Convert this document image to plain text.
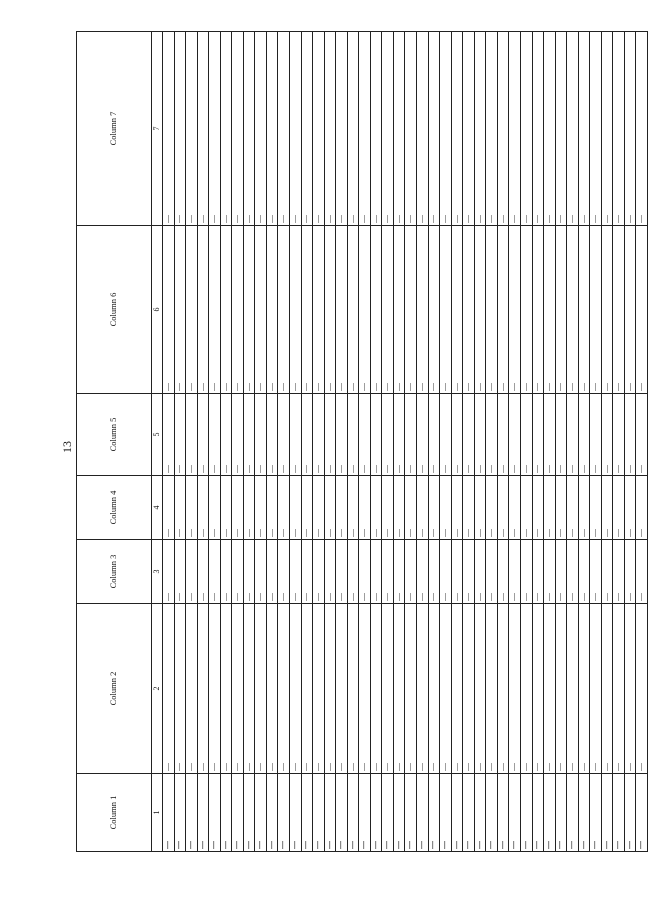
13
Column 1	Column 2	Column 3	Column 4	Column 5	Column 6	Column 7
1	2	3	4	5	6	7
—	—	—	—	—	—	—
—	—	—	—	—	—	—
—	—	—	—	—	—	—
—	—	—	—	—	—	—
—	—	—	—	—	—	—
—	—	—	—	—	—	—
—	—	—	—	—	—	—
—	—	—	—	—	—	—
—	—	—	—	—	—	—
—	—	—	—	—	—	—
—	—	—	—	—	—	—
—	—	—	—	—	—	—
—	—	—	—	—	—	—
—	—	—	—	—	—	—
—	—	—	—	—	—	—
—	—	—	—	—	—	—
—	—	—	—	—	—	—
—	—	—	—	—	—	—
—	—	—	—	—	—	—
—	—	—	—	—	—	—
—	—	—	—	—	—	—
—	—	—	—	—	—	—
—	—	—	—	—	—	—
—	—	—	—	—	—	—
—	—	—	—	—	—	—
—	—	—	—	—	—	—
—	—	—	—	—	—	—
—	—	—	—	—	—	—
—	—	—	—	—	—	—
—	—	—	—	—	—	—
—	—	—	—	—	—	—
—	—	—	—	—	—	—
—	—	—	—	—	—	—
—	—	—	—	—	—	—
—	—	—	—	—	—	—
—	—	—	—	—	—	—
—	—	—	—	—	—	—
—	—	—	—	—	—	—
—	—	—	—	—	—	—
—	—	—	—	—	—	—
—	—	—	—	—	—	—
—	—	—	—	—	—	—
